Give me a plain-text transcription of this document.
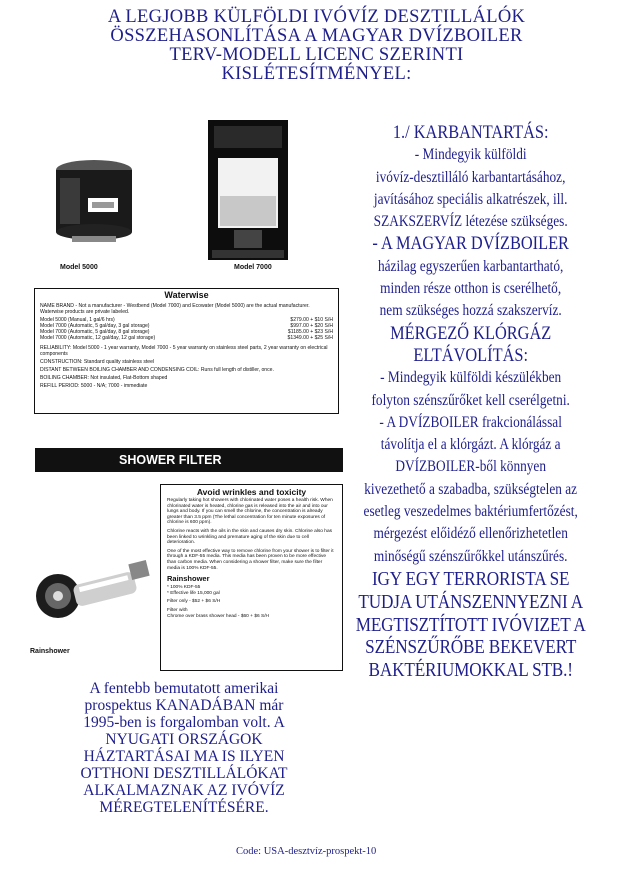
A LEGJOBB KÜLFÖLDI IVÓVÍZ DESZTILLÁLÓK
ÖSSZEHASONLÍTÁSA A MAGYAR DVÍZBOILER
TERV-MODELL LICENC SZERINTI
KISLÉTESÍTMÉNYEL:
Model 5000	Model 7000
Waterwise

NAME BRAND - Not a manufacturer - Westbend (Model 7000) and Ecowater (Model 5000) are the actual manufacturer. Waterwise products are private labeled.

Model 5000 (Manual, 1 gal/6 hrs)	$279.00 + $10 S/H
Model 7000 (Automatic, 5 gal/day, 3 gal storage)	$997.00 + $20 S/H
Model 7000 (Automatic, 5 gal/day, 8 gal storage)	$1185.00 + $23 S/H
Model 7000 (Automatic, 12 gal/day, 12 gal storage)	$1349.00 + $25 S/H

RELIABILITY: Model 5000 - 1 year warranty, Model 7000 - 5 year warranty on stainless steel parts, 2 year warranty on electrical components

CONSTRUCTION: Standard quality stainless steel

DISTANT BETWEEN BOILING CHAMBER AND CONDENSING COIL: Runs full length of distiller, once.

BOILING CHAMBER: Not insulated, Flat-Bottom shaped

REFILL PERIOD: 5000 - N/A; 7000 - immediate

SHOWER FILTER
Rainshower
Avoid wrinkles and toxicity

Regularly taking hot showers with chlorinated water poses a health risk. When chlorinated water is heated, chlorine gas is released into the air and into our lungs and body. If you can smell the chlorine, the concentration is already greater than 3.5 ppm (The lethal concentration for ten minute exposures of chlorine is 600 ppm).

Chlorine reacts with the oils in the skin and causes dry skin. Chlorine also has been linked to wrinkling and premature aging of the skin due to cell deterioration.

One of the most effective way to remove chlorine from your shower is to filter it through a KDF-55 media. This media has been proven to be more effective than carbon media. When considering a shower filter, make sure the filter media is 100% KDF-55.

Rainshower
* 100% KDF-55
* Effective life 15,000 gal
Filter only - $52 + $6 S/H
Filter with
Chrome over brass shower head - $60 + $6 S/H

A fentebb bemutatott amerikai
prospektus KANADÁBAN már
1995-ben is forgalomban volt. A
NYUGATI ORSZÁGOK
HÁZTARTÁSAI MA IS ILYEN
OTTHONI DESZTILLÁLÓKAT
ALKALMAZNAK AZ IVÓVÍZ
MÉREGTELENÍTÉSÉRE.

1./ KARBANTARTÁS:
- Mindegyik külföldi
ivóvíz-desztilláló karbantartásához,
javításához speciális alkatrészek, ill.
SZAKSZERVÍZ létezése szükséges.
- A MAGYAR DVÍZBOILER
házilag egyszerűen karbantartható,
minden része otthon is cserélhető,
nem szükséges hozzá szakszervíz.
MÉRGEZŐ KLÓRGÁZ
ELTÁVOLÍTÁS:
- Mindegyik külföldi készülékben
folyton szénszűrőket kell cserélgetni.
- A DVÍZBOILER frakcionálással
távolítja el a klórgázt. A klórgáz a
DVÍZBOILER-ből könnyen
kivezethető a szabadba, szükségtelen az
esetleg veszedelmes baktériumfertőzést,
mérgezést előidéző ellenőrizhetetlen
minőségű szénszűrőkkel utánszűrés.
IGY EGY TERRORISTA SE
TUDJA UTÁNSZENNYEZNI A
MEGTISZTÍTOTT IVÓVIZET A
SZÉNSZŰRŐBE BEKEVERT
BAKTÉRIUMOKKAL STB.!
Code: USA-desztvíz-prospekt-10
